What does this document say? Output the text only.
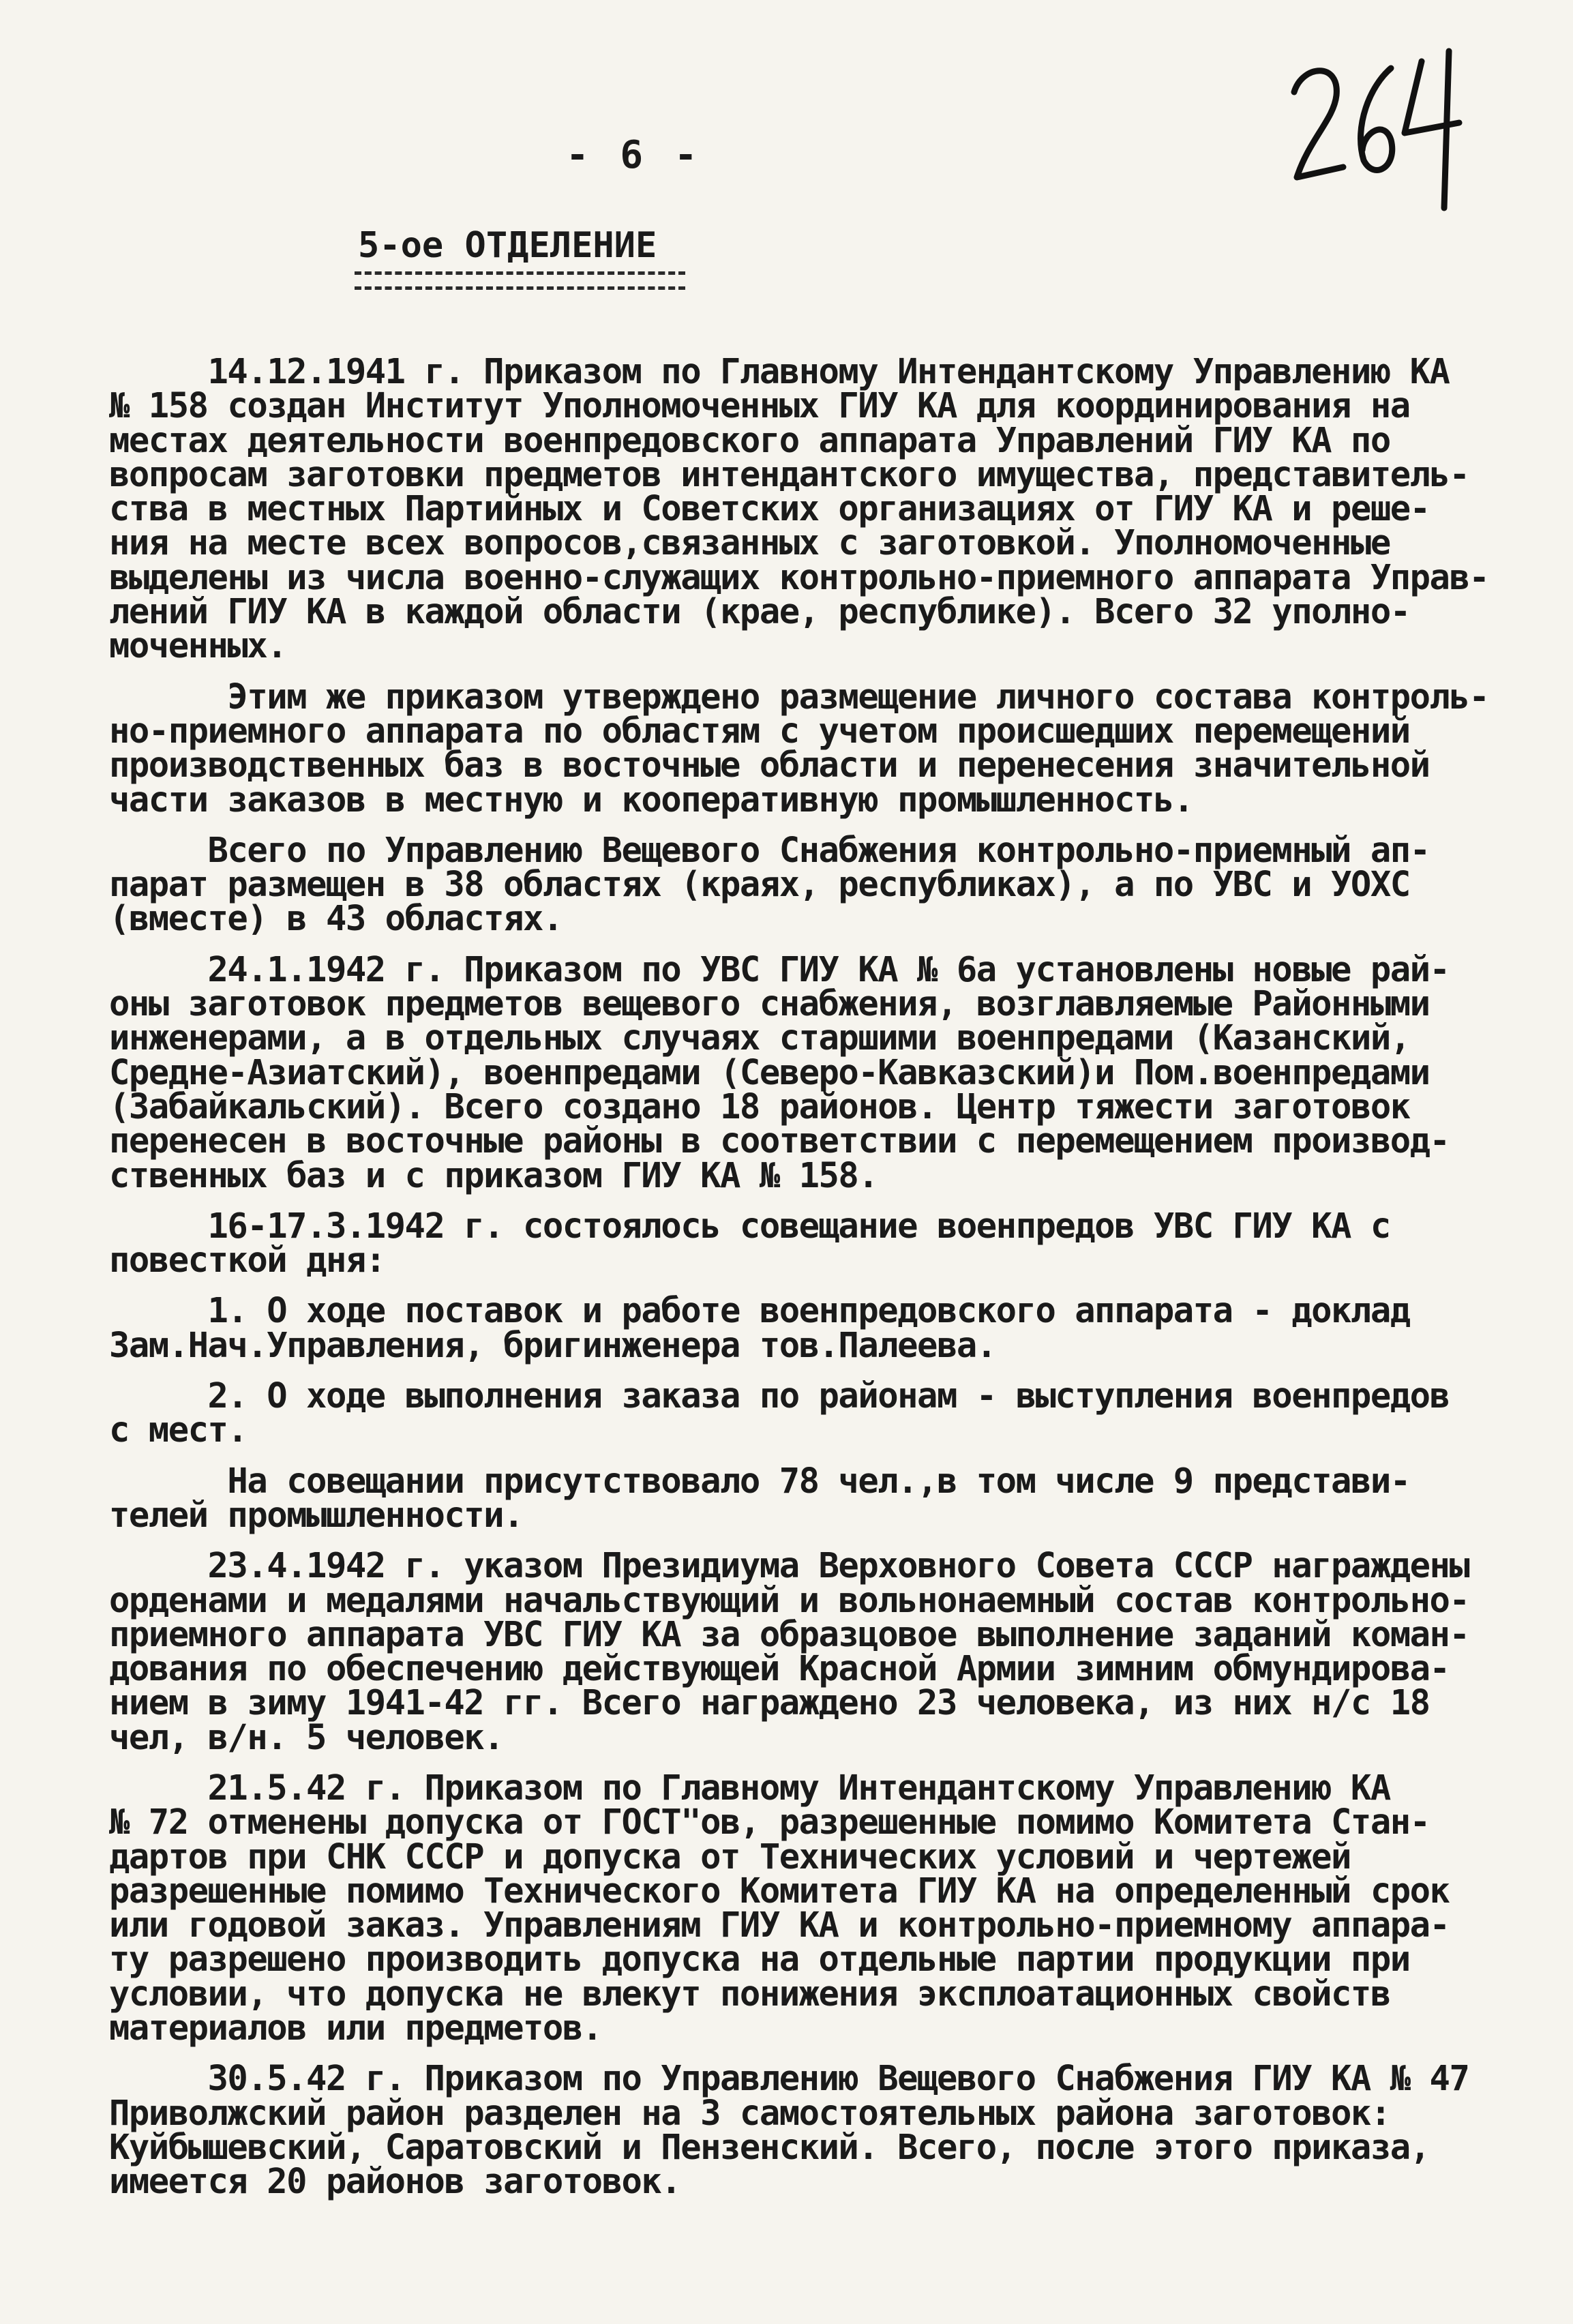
- 6 -
5-ое ОТДЕЛЕНИЕ
14.12.1941 г. Приказом по Главному Интендантскому Управлению КА
№ 158 создан Институт Уполномоченных ГИУ КА для координирования на
местах деятельности военпредовского аппарата Управлений ГИУ КА по
вопросам заготовки предметов интендантского имущества, представитель-
ства в местных Партийных и Советских организациях от ГИУ КА и реше-
ния на месте всех вопросов,связанных с заготовкой. Уполномоченные
выделены из числа военно-служащих контрольно-приемного аппарата Управ-
лений ГИУ КА в каждой области (крае, республике). Всего 32 уполно-
моченных.
Этим же приказом утверждено размещение личного состава контроль-
но-приемного аппарата по областям с учетом происшедших перемещений
производственных баз в восточные области и перенесения значительной
части заказов в местную и кооперативную промышленность.
Всего по Управлению Вещевого Снабжения контрольно-приемный ап-
парат размещен в 38 областях (краях, республиках), а по УВС и УОХС
(вместе) в 43 областях.
24.1.1942 г. Приказом по УВС ГИУ КА № 6а установлены новые рай-
оны заготовок предметов вещевого снабжения, возглавляемые Районными
инженерами, а в отдельных случаях старшими военпредами (Казанский,
Средне-Азиатский), военпредами (Северо-Кавказский)и Пом.военпредами
(Забайкальский). Всего создано 18 районов. Центр тяжести заготовок
перенесен в восточные районы в соответствии с перемещением производ-
ственных баз и с приказом ГИУ КА № 158.
16-17.3.1942 г. состоялось совещание военпредов УВС ГИУ КА с
повесткой дня:
1. О ходе поставок и работе военпредовского аппарата - доклад
Зам.Нач.Управления, бригинженера тов.Палеева.
2. О ходе выполнения заказа по районам - выступления военпредов
с мест.
На совещании присутствовало 78 чел.,в том числе 9 представи-
телей промышленности.
23.4.1942 г. указом Президиума Верховного Совета СССР награждены
орденами и медалями начальствующий и вольнонаемный состав контрольно-
приемного аппарата УВС ГИУ КА за образцовое выполнение заданий коман-
дования по обеспечению действующей Красной Армии зимним обмундирова-
нием в зиму 1941-42 гг. Всего награждено 23 человека, из них н/с 18
чел, в/н. 5 человек.
21.5.42 г. Приказом по Главному Интендантскому Управлению КА
№ 72 отменены допуска от ГОСТ"ов, разрешенные помимо Комитета Стан-
дартов при СНК СССР и допуска от Технических условий и чертежей
разрешенные помимо Технического Комитета ГИУ КА на определенный срок
или годовой заказ. Управлениям ГИУ КА и контрольно-приемному аппара-
ту разрешено производить допуска на отдельные партии продукции при
условии, что допуска не влекут понижения эксплоатационных свойств
материалов или предметов.
30.5.42 г. Приказом по Управлению Вещевого Снабжения ГИУ КА № 47
Приволжский район разделен на 3 самостоятельных района заготовок:
Куйбышевский, Саратовский и Пензенский. Всего, после этого приказа,
имеется 20 районов заготовок.
